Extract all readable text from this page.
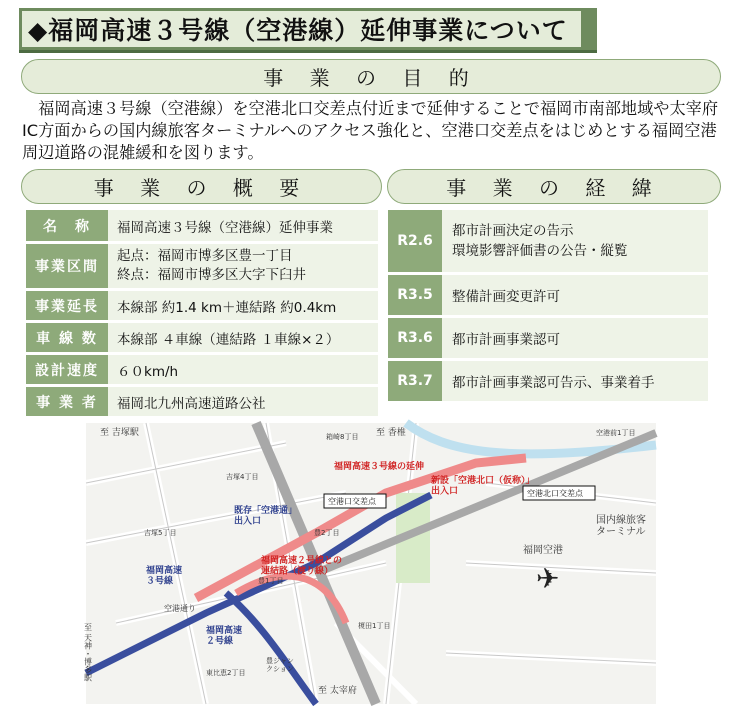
◆福岡高速３号線（空港線）延伸事業について
事 業 の 目 的
　福岡高速３号線（空港線）を空港北口交差点付近まで延伸することで福岡市南部地域や太宰府IC方面からの国内線旅客ターミナルへのアクセス強化と、空港口交差点をはじめとする福岡空港周辺道路の混雑緩和を図ります。
事 業 の 概 要	事 業 の 経 緯
名　称	福岡高速３号線（空港線）延伸事業
事業区間	起点：福岡市博多区豊一丁目
終点：福岡市博多区大字下臼井
事業延長	本線部 約1.4 km＋連結路 約0.4km
車 線 数	本線部 ４車線（連結路 １車線×２）
設計速度	６０km/h
事 業 者	福岡北九州高速道路公社
R2.6	都市計画決定の告示
環境影響評価書の公告・縦覧
R3.5	整備計画変更許可
R3.6	都市計画事業認可
R3.7	都市計画事業認可告示、事業着手
✈
至 吉塚駅	至 香椎
箱崎8丁目	空港前1丁目
吉塚4丁目
吉塚5丁目
豊ジャンクション
豊2丁目
豊1丁目
東比恵2丁目
榎田1丁目
至 太宰府
国内線旅客ターミナル
福岡空港
空港通り
至 天神・博多駅
既存「空港通」出入口
福岡高速３号線
福岡高速２号線
福岡高速３号線の延伸
新設「空港北口（仮称）」出入口
福岡高速２号線との連結路（渡り線）
空港口交差点
空港北口交差点
